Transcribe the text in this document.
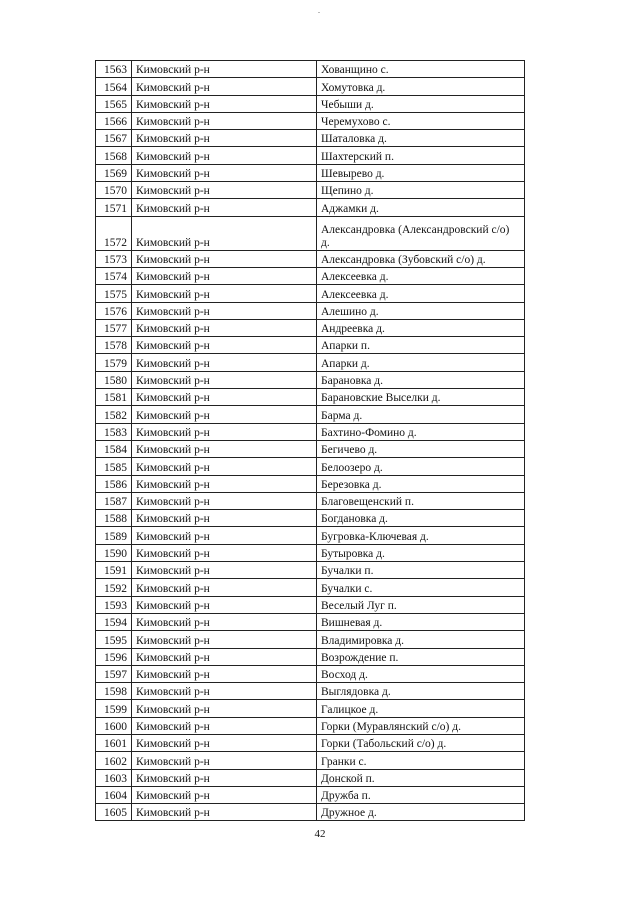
1563	Кимовский р-н	Хованщино с.
1564	Кимовский р-н	Хомутовка д.
1565	Кимовский р-н	Чебыши д.
1566	Кимовский р-н	Черемухово с.
1567	Кимовский р-н	Шаталовка д.
1568	Кимовский р-н	Шахтерский п.
1569	Кимовский р-н	Шевырево д.
1570	Кимовский р-н	Щепино д.
1571	Кимовский р-н	Аджамки д.
1572	Кимовский р-н	Александровка (Александровский с/о) д.
1573	Кимовский р-н	Александровка (Зубовский с/о) д.
1574	Кимовский р-н	Алексеевка д.
1575	Кимовский р-н	Алексеевка д.
1576	Кимовский р-н	Алешино д.
1577	Кимовский р-н	Андреевка д.
1578	Кимовский р-н	Апарки п.
1579	Кимовский р-н	Апарки д.
1580	Кимовский р-н	Барановка д.
1581	Кимовский р-н	Барановские Выселки д.
1582	Кимовский р-н	Барма д.
1583	Кимовский р-н	Бахтино-Фомино д.
1584	Кимовский р-н	Бегичево д.
1585	Кимовский р-н	Белоозеро д.
1586	Кимовский р-н	Березовка д.
1587	Кимовский р-н	Благовещенский п.
1588	Кимовский р-н	Богдановка д.
1589	Кимовский р-н	Бугровка-Ключевая д.
1590	Кимовский р-н	Бутыровка д.
1591	Кимовский р-н	Бучалки п.
1592	Кимовский р-н	Бучалки с.
1593	Кимовский р-н	Веселый Луг п.
1594	Кимовский р-н	Вишневая д.
1595	Кимовский р-н	Владимировка д.
1596	Кимовский р-н	Возрождение п.
1597	Кимовский р-н	Восход д.
1598	Кимовский р-н	Выглядовка д.
1599	Кимовский р-н	Галицкое д.
1600	Кимовский р-н	Горки (Муравлянский с/о) д.
1601	Кимовский р-н	Горки (Табольский с/о) д.
1602	Кимовский р-н	Гранки с.
1603	Кимовский р-н	Донской п.
1604	Кимовский р-н	Дружба п.
1605	Кимовский р-н	Дружное д.
42
